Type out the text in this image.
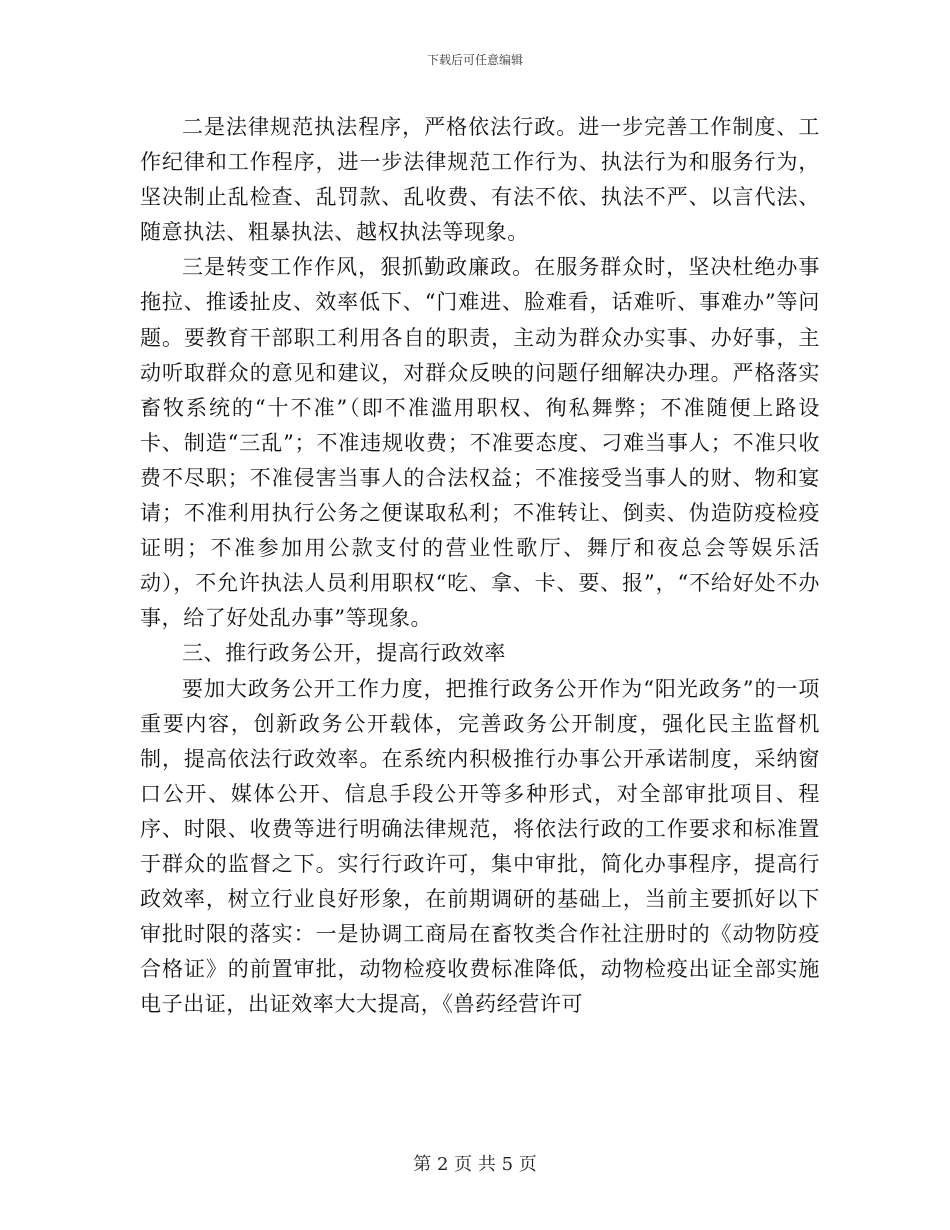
下载后可任意编辑

二是法律规范执法程序，严格依法行政。进一步完善工作制度、工作纪律和工作程序，进一步法律规范工作行为、执法行为和服务行为，坚决制止乱检查、乱罚款、乱收费、有法不依、执法不严、以言代法、随意执法、粗暴执法、越权执法等现象。

三是转变工作作风，狠抓勤政廉政。在服务群众时，坚决杜绝办事拖拉、推诿扯皮、效率低下、“门难进、脸难看，话难听、事难办”等问题。要教育干部职工利用各自的职责，主动为群众办实事、办好事，主动听取群众的意见和建议，对群众反映的问题仔细解决办理。严格落实畜牧系统的“十不准”（即不准滥用职权、徇私舞弊；不准随便上路设卡、制造“三乱”；不准违规收费；不准要态度、刁难当事人；不准只收费不尽职；不准侵害当事人的合法权益；不准接受当事人的财、物和宴请；不准利用执行公务之便谋取私利；不准转让、倒卖、伪造防疫检疫证明；不准参加用公款支付的营业性歌厅、舞厅和夜总会等娱乐活动），不允许执法人员利用职权“吃、拿、卡、要、报”，“不给好处不办事，给了好处乱办事”等现象。

三、推行政务公开，提高行政效率

要加大政务公开工作力度，把推行政务公开作为“阳光政务”的一项重要内容，创新政务公开载体，完善政务公开制度，强化民主监督机制，提高依法行政效率。在系统内积极推行办事公开承诺制度，采纳窗口公开、媒体公开、信息手段公开等多种形式，对全部审批项目、程序、时限、收费等进行明确法律规范，将依法行政的工作要求和标准置于群众的监督之下。实行行政许可，集中审批，简化办事程序，提高行政效率，树立行业良好形象，在前期调研的基础上，当前主要抓好以下审批时限的落实：一是协调工商局在畜牧类合作社注册时的《动物防疫合格证》的前置审批，动物检疫收费标准降低，动物检疫出证全部实施电子出证，出证效率大大提高，《兽药经营许可

第 2 页 共 5 页
